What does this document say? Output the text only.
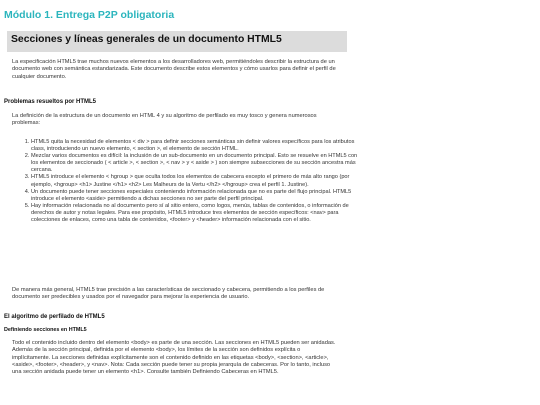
Módulo 1. Entrega P2P obligatoria
Secciones y líneas generales de un documento HTML5

La especificación HTML5 trae muchos nuevos elementos a los desarrolladores web, permitiéndoles describir la estructura de un documento web con semántica estandarizada. Este documento describe estos elementos y cómo usarlos para definir el perfil de cualquier documento.

Problemas resueltos por HTML5

La definición de la estructura de un documento en HTML 4 y su algoritmo de perfilado es muy tosco y genera numerosos problemas:

1. HTML5 quita la necesidad de elementos < div > para definir secciones semánticas sin definir valores específicos para los atributos class, introduciendo un nuevo elemento, < section >, el elemento de sección HTML.
2. Mezclar varios documentos es difícil: la inclusión de un sub-documento en un documento principal. Esto se resuelve en HTML5 con los elementos de seccionado ( < article >, < section >, < nav > y < aside > ) son siempre subsecciones de su sección ancestra más cercana.
3. HTML5 introduce el elemento < hgroup > que oculta todos los elementos de cabecera excepto el primero de más alto rango (por ejemplo, <hgroup> <h1> Justine </h1> <h2> Les Malheurs de la Vertu </h2> </hgroup> crea el perfil 1. Justine).
4. Un documento puede tener secciones especiales conteniendo información relacionada que no es parte del flujo principal. HTML5 introduce el elemento <aside> permitiendo a dichas secciones no ser parte del perfil principal.
5. Hay información relacionada no al documento pero sí al sitio entero, como logos, menús, tablas de contenidos, o información de derechos de autor y notas legales. Para ese propósito, HTML5 introduce tres elementos de sección específicos: <nav> para colecciones de enlaces, como una tabla de contenidos, <footer> y <header> información relacionada con el sitio.

De manera más general, HTML5 trae precisión a las características de seccionado y cabecera, permitiendo a los perfiles de documento ser predecibles y usados por el navegador para mejorar la experiencia de usuario.

El algoritmo de perfilado de HTML5
Definiendo secciones en HTML5

Todo el contenido incluido dentro del elemento <body> es parte de una sección. Las secciones en HTML5 pueden ser anidadas. Además de la sección principal, definida por el elemento <body>, los límites de la sección son definidos explícita o implícitamente. La secciones definidas explícitamente son el contenido definido en las etiquetas <body>, <section>, <article>, <aside>, <footer>, <header>, y <nav>. Nota: Cada sección puede tener su propia jerarquía de cabeceras. Por lo tanto, incluso una sección anidada puede tener un elemento <h1>. Consulte también Definiendo Cabeceras en HTML5.
